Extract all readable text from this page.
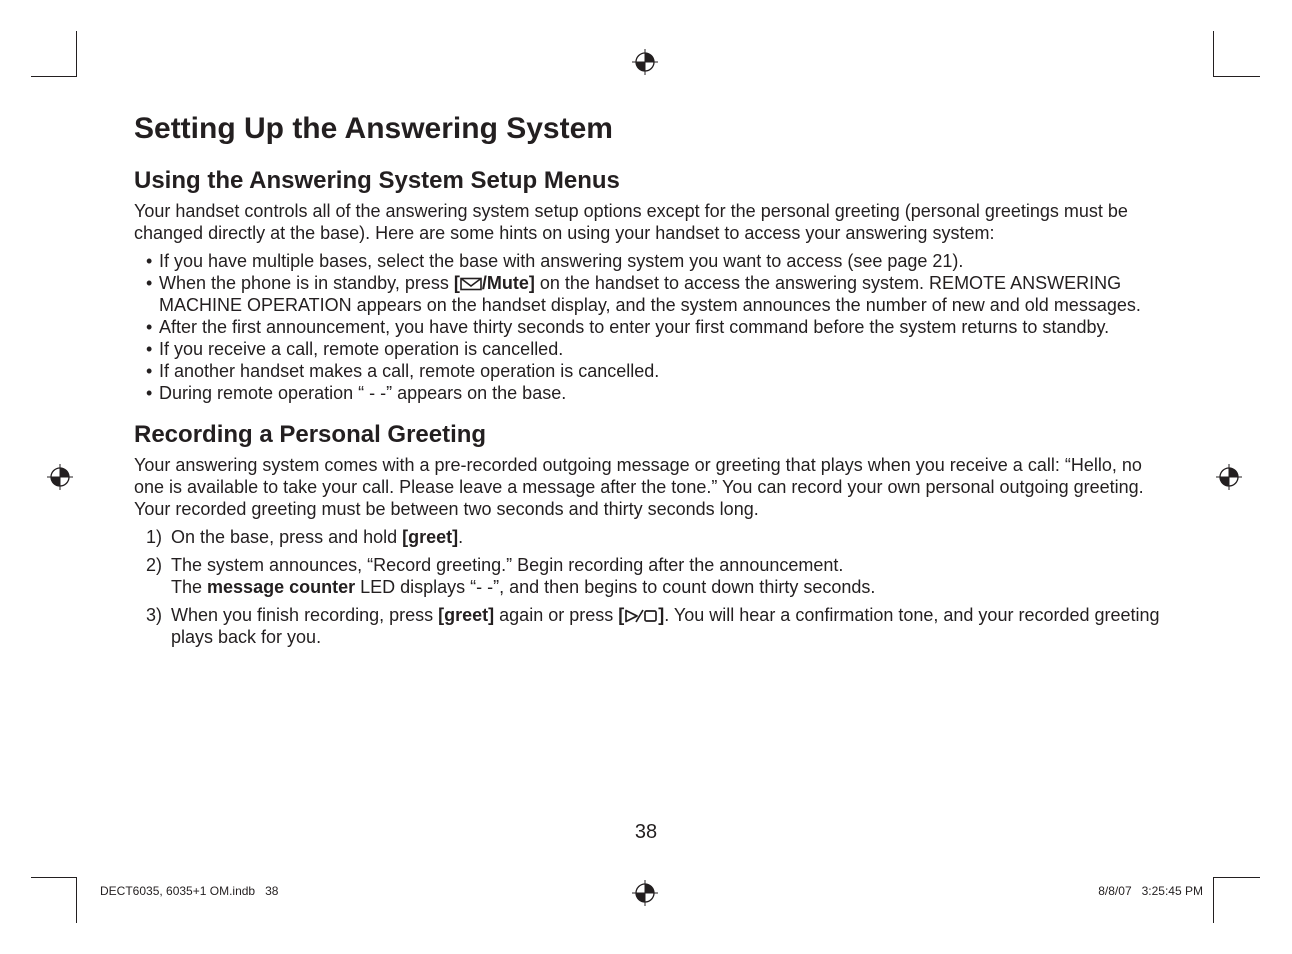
Setting Up the Answering System
Using the Answering System Setup Menus

Your handset controls all of the answering system setup options except for the personal greeting (personal greetings must be changed directly at the base). Here are some hints on using your handset to access your answering system:

• If you have multiple bases, select the base with answering system you want to access (see page 21).
• When the phone is in standby, press [ /Mute] on the handset to access the answering system. REMOTE ANSWERING MACHINE OPERATION appears on the handset display, and the system announces the number of new and old messages.
• After the first announcement, you have thirty seconds to enter your first command before the system returns to standby.
• If you receive a call, remote operation is cancelled.
• If another handset makes a call, remote operation is cancelled.
• During remote operation “ - -” appears on the base.
Recording a Personal Greeting

Your answering system comes with a pre-recorded outgoing message or greeting that plays when you receive a call: “Hello, no one is available to take your call. Please leave a message after the tone.” You can record your own personal outgoing greeting. Your recorded greeting must be between two seconds and thirty seconds long.

1) On the base, press and hold [greet].
2) The system announces, “Record greeting.” Begin recording after the announcement.
The message counter LED displays “- -”, and then begins to count down thirty seconds.
3) When you finish recording, press [greet] again or press [ ]. You will hear a confirmation tone, and your recorded greeting plays back for you.
38
DECT6035, 6035+1 OM.indb   38	8/8/07   3:25:45 PM
